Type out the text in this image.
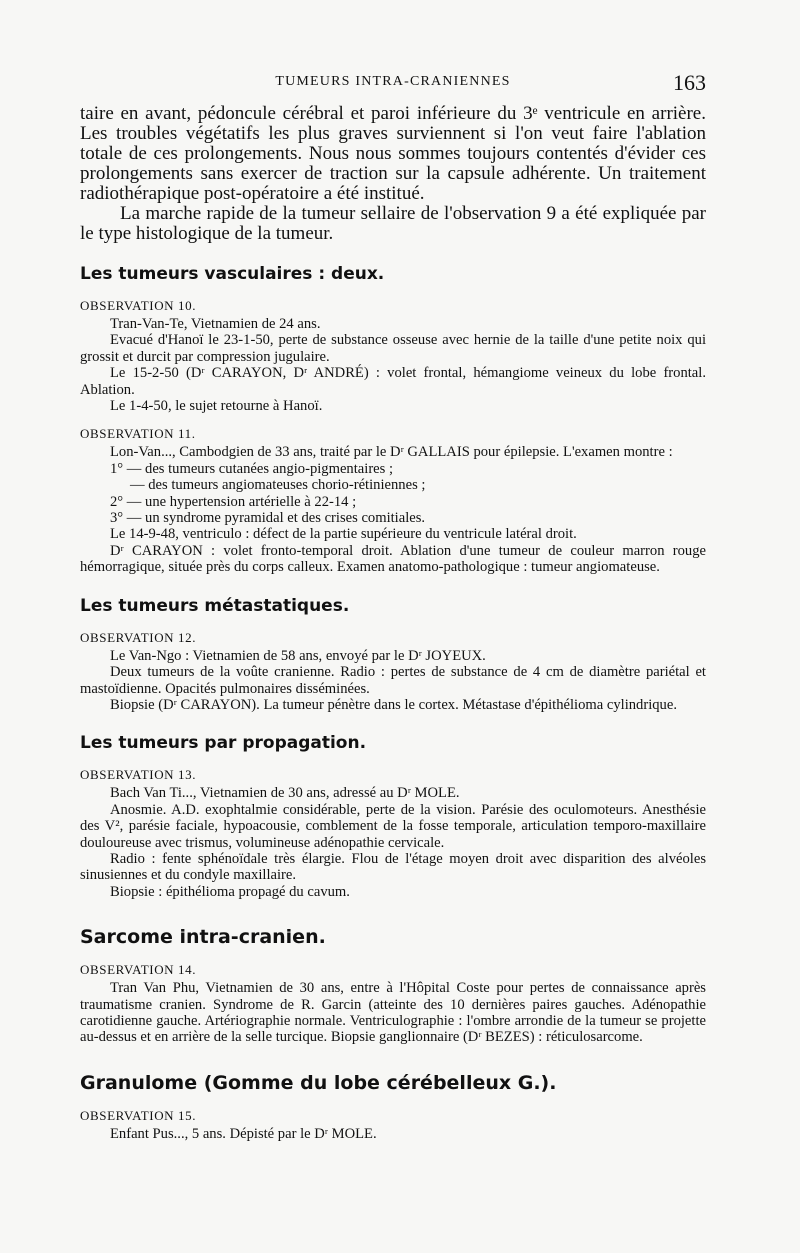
TUMEURS INTRA-CRANIENNES	163

taire en avant, pédoncule cérébral et paroi inférieure du 3ᵉ ventricule en arrière. Les troubles végétatifs les plus graves surviennent si l'on veut faire l'ablation totale de ces prolongements. Nous nous sommes toujours contentés d'évider ces prolongements sans exercer de traction sur la capsule adhérente. Un traitement radiothérapique post-opératoire a été institué.

La marche rapide de la tumeur sellaire de l'observation 9 a été expliquée par le type histologique de la tumeur.

Les tumeurs vasculaires : deux.
OBSERVATION 10.

Tran-Van-Te, Vietnamien de 24 ans.

Evacué d'Hanoï le 23-1-50, perte de substance osseuse avec hernie de la taille d'une petite noix qui grossit et durcit par compression jugulaire.

Le 15-2-50 (Dʳ CARAYON, Dʳ ANDRÉ) : volet frontal, hémangiome veineux du lobe frontal. Ablation.

Le 1-4-50, le sujet retourne à Hanoï.

OBSERVATION 11.

Lon-Van..., Cambodgien de 33 ans, traité par le Dʳ GALLAIS pour épilepsie. L'examen montre :

1° — des tumeurs cutanées angio-pigmentaires ;
— des tumeurs angiomateuses chorio-rétiniennes ;
2° — une hypertension artérielle à 22-14 ;
3° — un syndrome pyramidal et des crises comitiales.

Le 14-9-48, ventriculo : défect de la partie supérieure du ventricule latéral droit.

Dʳ CARAYON : volet fronto-temporal droit. Ablation d'une tumeur de couleur marron rouge hémorragique, située près du corps calleux. Examen anatomo-pathologique : tumeur angiomateuse.

Les tumeurs métastatiques.
OBSERVATION 12.

Le Van-Ngo : Vietnamien de 58 ans, envoyé par le Dʳ JOYEUX.

Deux tumeurs de la voûte cranienne. Radio : pertes de substance de 4 cm de diamètre pariétal et mastoïdienne. Opacités pulmonaires disséminées.

Biopsie (Dʳ CARAYON). La tumeur pénètre dans le cortex. Métastase d'épithélioma cylindrique.

Les tumeurs par propagation.
OBSERVATION 13.

Bach Van Ti..., Vietnamien de 30 ans, adressé au Dʳ MOLE.

Anosmie. A.D. exophtalmie considérable, perte de la vision. Parésie des oculomoteurs. Anesthésie des V², parésie faciale, hypoacousie, comblement de la fosse temporale, articulation temporo-maxillaire douloureuse avec trismus, volumineuse adénopathie cervicale.

Radio : fente sphénoïdale très élargie. Flou de l'étage moyen droit avec disparition des alvéoles sinusiennes et du condyle maxillaire.

Biopsie : épithélioma propagé du cavum.

Sarcome intra-cranien.
OBSERVATION 14.

Tran Van Phu, Vietnamien de 30 ans, entre à l'Hôpital Coste pour pertes de connaissance après traumatisme cranien. Syndrome de R. Garcin (atteinte des 10 dernières paires gauches. Adénopathie carotidienne gauche. Artériographie normale. Ventriculographie : l'ombre arrondie de la tumeur se projette au-dessus et en arrière de la selle turcique. Biopsie ganglionnaire (Dʳ BEZES) : réticulosarcome.

Granulome (Gomme du lobe cérébelleux G.).
OBSERVATION 15.

Enfant Pus..., 5 ans. Dépisté par le Dʳ MOLE.
